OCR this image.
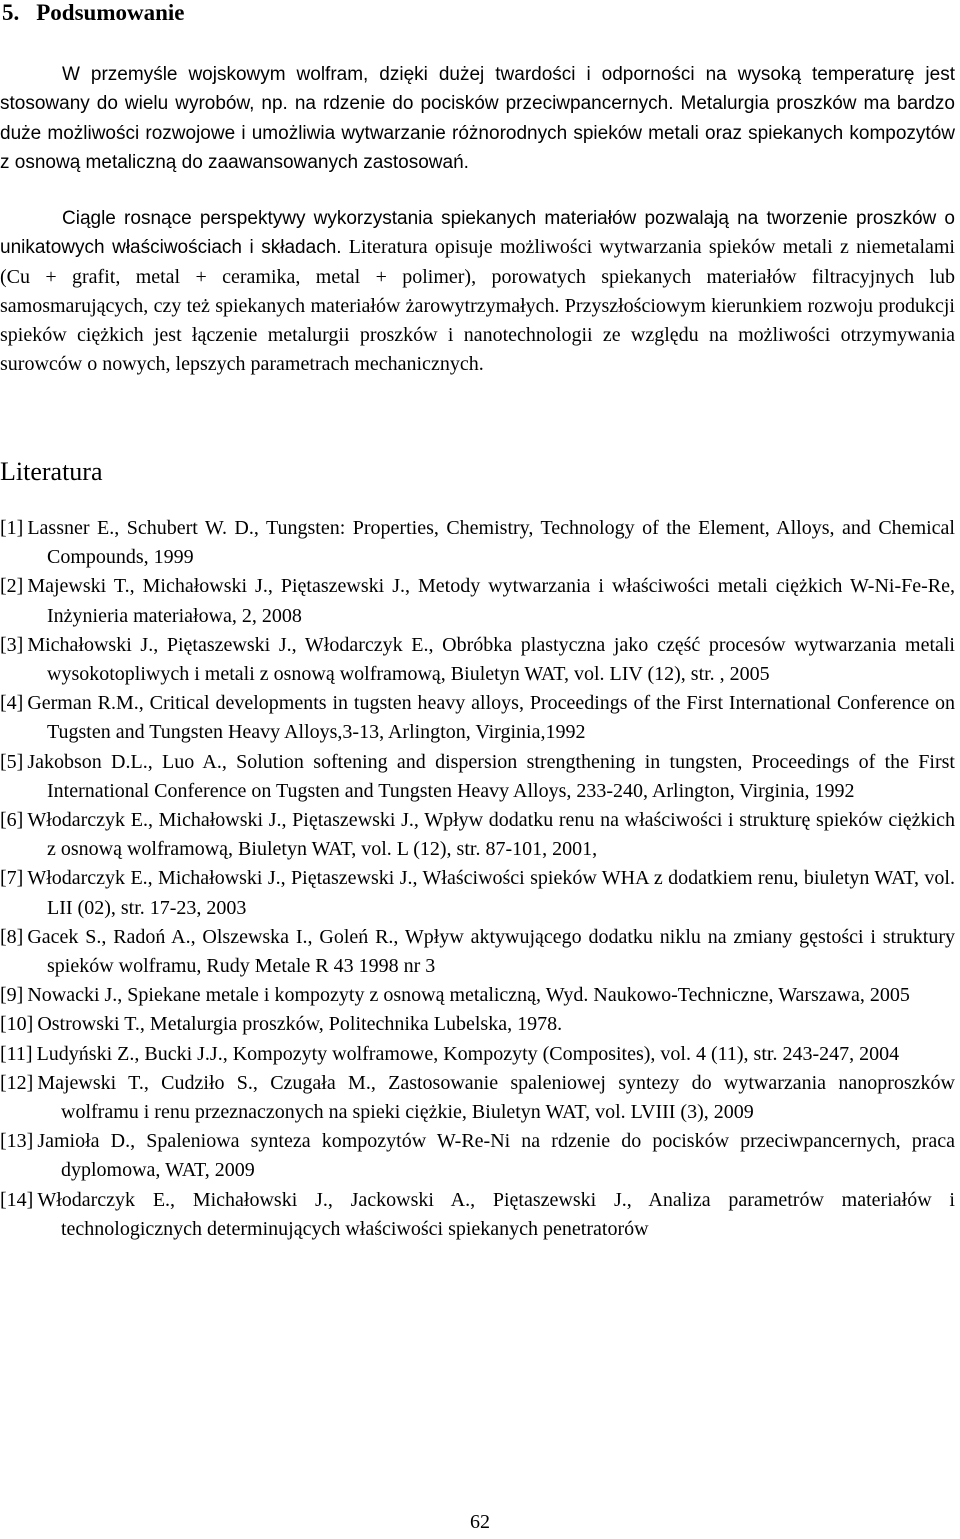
5. Podsumowanie

W przemyśle wojskowym wolfram, dzięki dużej twardości i odporności na wysoką temperaturę jest stosowany do wielu wyrobów, np. na rdzenie do pocisków przeciwpancernych. Metalurgia proszków ma bardzo duże możliwości rozwojowe i umożliwia wytwarzanie różnorodnych spieków metali oraz spiekanych kompozytów z osnową metaliczną do zaawansowanych zastosowań.

Ciągle rosnące perspektywy wykorzystania spiekanych materiałów pozwalają na tworzenie proszków o unikatowych właściwościach i składach. Literatura opisuje możliwości wytwarzania spieków metali z niemetalami (Cu + grafit, metal + ceramika, metal + polimer), porowatych spiekanych materiałów filtracyjnych lub samosmarujących, czy też spiekanych materiałów żarowytrzymałych. Przyszłościowym kierunkiem rozwoju produkcji spieków ciężkich jest łączenie metalurgii proszków i nanotechnologii ze względu na możliwości otrzymywania surowców o nowych, lepszych parametrach mechanicznych.

Literatura
[1] Lassner E., Schubert W. D., Tungsten: Properties, Chemistry, Technology of the Element, Alloys, and Chemical Compounds, 1999
[2] Majewski T., Michałowski J., Piętaszewski J., Metody wytwarzania i właściwości metali ciężkich W-Ni-Fe-Re, Inżynieria materiałowa, 2, 2008
[3] Michałowski J., Piętaszewski J., Włodarczyk E., Obróbka plastyczna jako część procesów wytwarzania metali wysokotopliwych i metali z osnową wolframową, Biuletyn WAT, vol. LIV (12), str. , 2005
[4] German R.M., Critical developments in tugsten heavy alloys, Proceedings of the First International Conference on Tugsten and Tungsten Heavy Alloys,3-13, Arlington, Virginia,1992
[5] Jakobson D.L., Luo A., Solution softening and dispersion strengthening in tungsten, Proceedings of the First International Conference on Tugsten and Tungsten Heavy Alloys, 233-240, Arlington, Virginia, 1992
[6] Włodarczyk E., Michałowski J., Piętaszewski J., Wpływ dodatku renu na właściwości i strukturę spieków ciężkich z osnową wolframową, Biuletyn WAT, vol. L (12), str. 87-101, 2001,
[7] Włodarczyk E., Michałowski J., Piętaszewski J., Właściwości spieków WHA z dodatkiem renu, biuletyn WAT, vol. LII (02), str. 17-23, 2003
[8] Gacek S., Radoń A., Olszewska I., Goleń R., Wpływ aktywującego dodatku niklu na zmiany gęstości i struktury spieków wolframu, Rudy Metale R 43 1998 nr 3
[9] Nowacki J., Spiekane metale i kompozyty z osnową metaliczną, Wyd. Naukowo-Techniczne, Warszawa, 2005
[10] Ostrowski T., Metalurgia proszków, Politechnika Lubelska, 1978.
[11] Ludyński Z., Bucki J.J., Kompozyty wolframowe, Kompozyty (Composites), vol. 4 (11), str. 243-247, 2004
[12] Majewski T., Cudziło S., Czugała M., Zastosowanie spaleniowej syntezy do wytwarzania nanoproszków wolframu i renu przeznaczonych na spieki ciężkie, Biuletyn WAT, vol. LVIII (3), 2009
[13] Jamioła D., Spaleniowa synteza kompozytów W-Re-Ni na rdzenie do pocisków przeciwpancernych, praca dyplomowa, WAT, 2009
[14] Włodarczyk E., Michałowski J., Jackowski A., Piętaszewski J., Analiza parametrów materiałów i technologicznych determinujących właściwości spiekanych penetratorów
62
